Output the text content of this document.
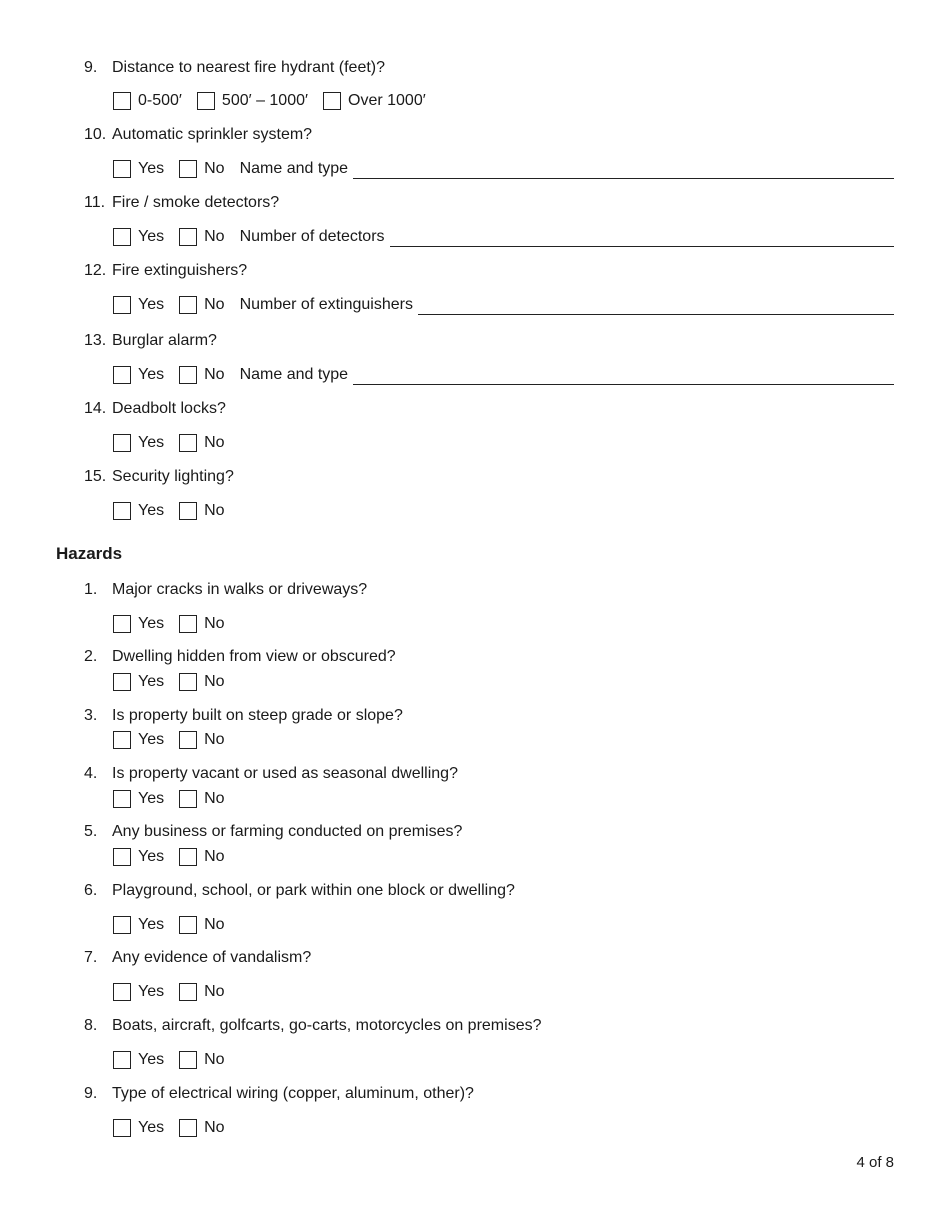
9. Distance to nearest fire hydrant (feet)?
0-500′	500′ – 1000′	Over 1000′
10. Automatic sprinkler system?
Yes	No Name and type
11. Fire / smoke detectors?
Yes	No Number of detectors
12. Fire extinguishers?
Yes	No Number of extinguishers
13. Burglar alarm?
Yes	No Name and type
14. Deadbolt locks?
Yes	No
15. Security lighting?
Yes	No
Hazards
1. Major cracks in walks or driveways?
Yes	No
2. Dwelling hidden from view or obscured?
Yes	No
3. Is property built on steep grade or slope?
Yes	No
4. Is property vacant or used as seasonal dwelling?
Yes	No
5. Any business or farming conducted on premises?
Yes	No
6. Playground, school, or park within one block or dwelling?
Yes	No
7. Any evidence of vandalism?
Yes	No
8. Boats, aircraft, golfcarts, go-carts, motorcycles on premises?
Yes	No
9. Type of electrical wiring (copper, aluminum, other)?
Yes	No
4 of 8
